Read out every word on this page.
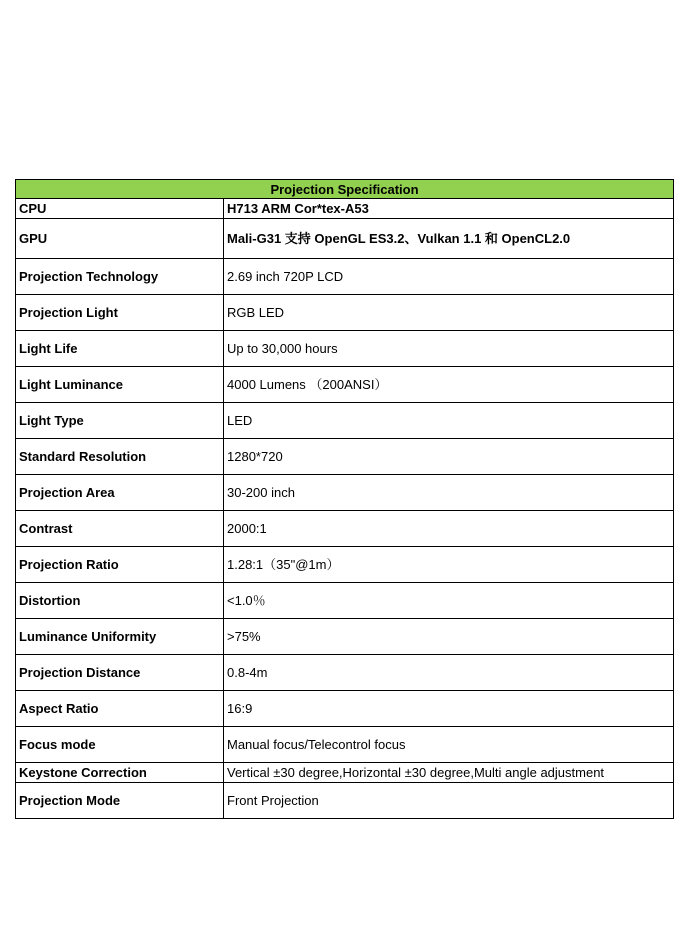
Projection Specification	
CPU	H713 ARM Cor*tex-A53
GPU	Mali-G31 支持 OpenGL ES3.2、Vulkan 1.1 和 OpenCL2.0
Projection Technology	2.69 inch 720P LCD
Projection Light	RGB LED
Light Life	Up to 30,000 hours
Light Luminance	4000 Lumens （200ANSI）
Light Type	LED
Standard Resolution	1280*720
Projection Area	30-200 inch
Contrast	2000:1
Projection Ratio	1.28:1（35"@1m）
Distortion	<1.0％
Luminance Uniformity	>75%
Projection Distance	0.8-4m
Aspect Ratio	16:9
Focus mode	Manual focus/Telecontrol focus
Keystone Correction	Vertical ±30 degree,Horizontal ±30 degree,Multi angle adjustment
Projection Mode	Front Projection
